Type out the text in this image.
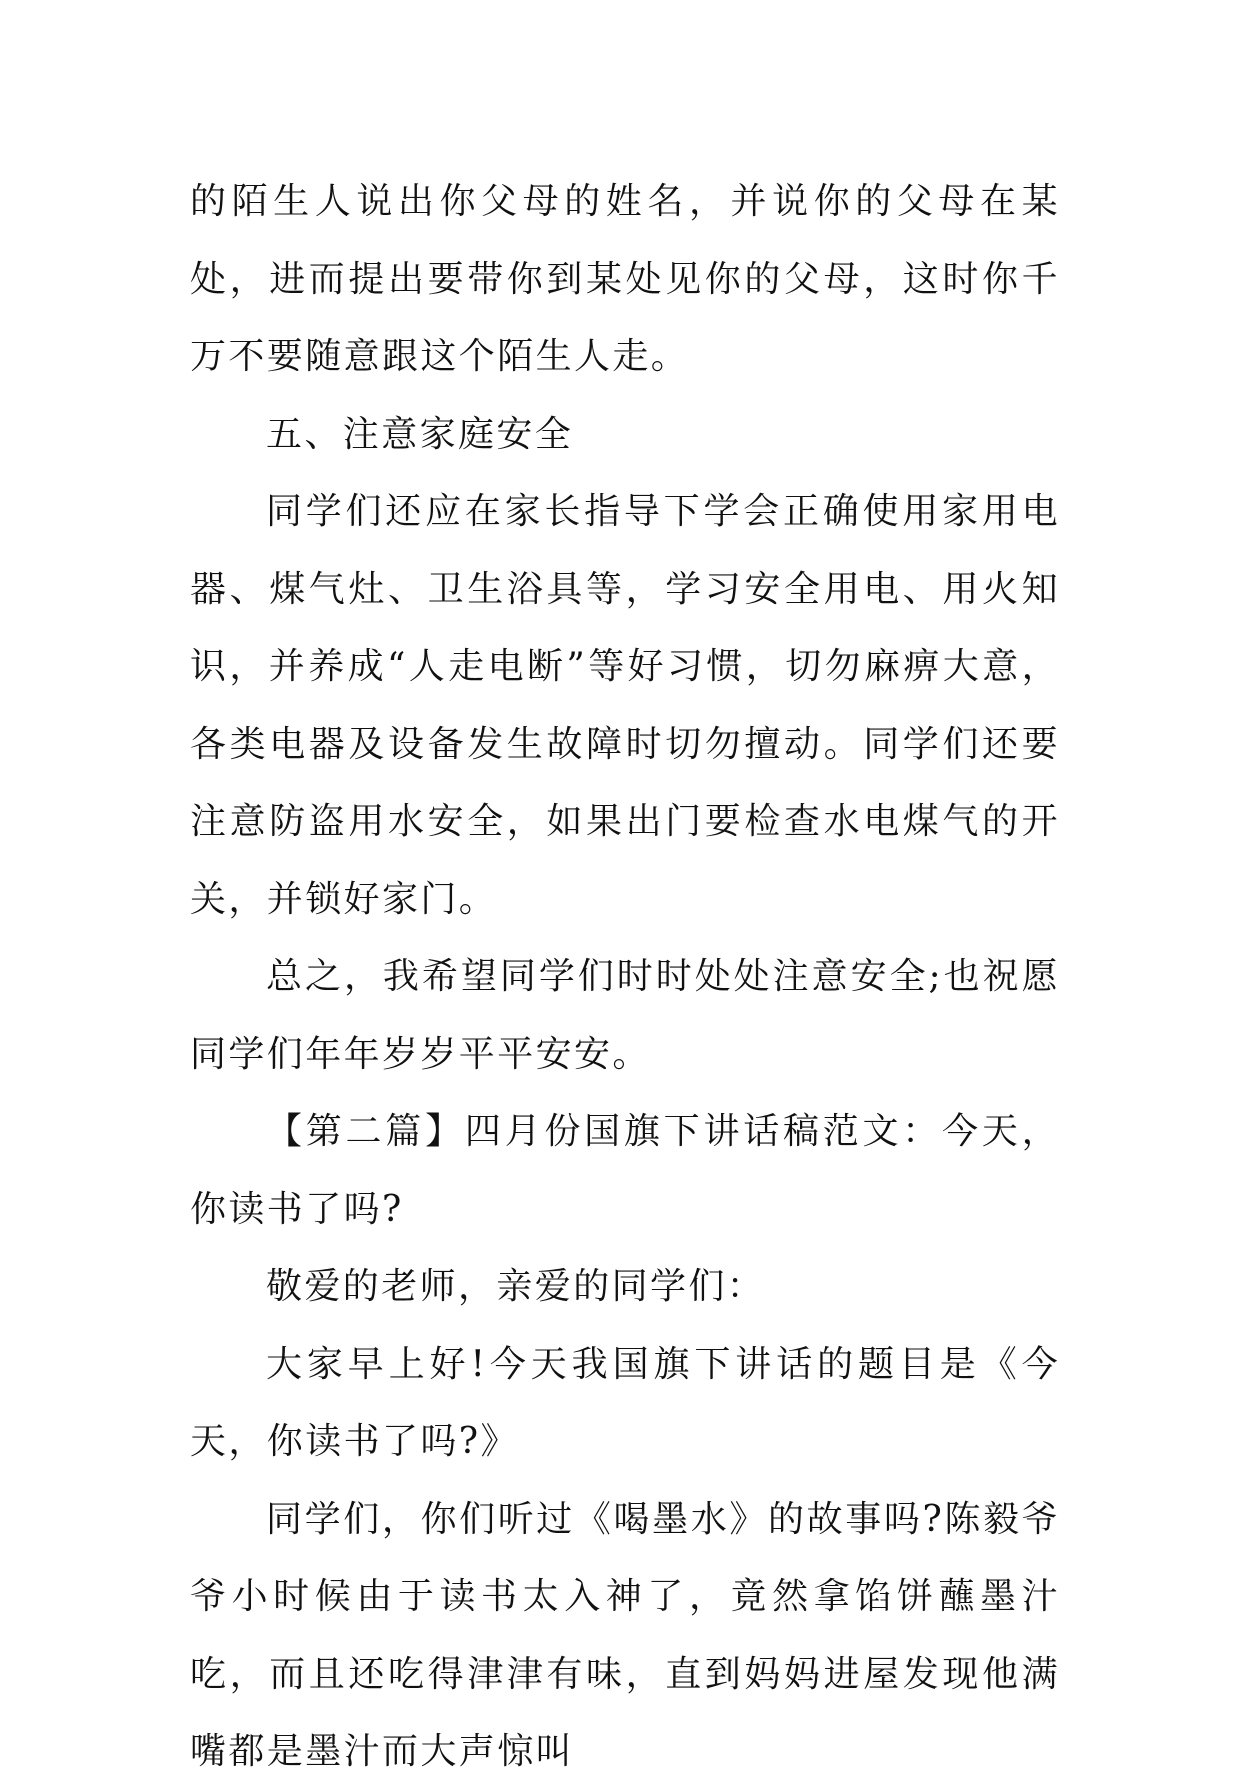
的陌生人说出你父母的姓名，并说你的父母在某处，进而提出要带你到某处见你的父母，这时你千万不要随意跟这个陌生人走。

五、注意家庭安全

同学们还应在家长指导下学会正确使用家用电器、煤气灶、卫生浴具等，学习安全用电、用火知识，并养成“人走电断”等好习惯，切勿麻痹大意，各类电器及设备发生故障时切勿擅动。同学们还要注意防盗用水安全，如果出门要检查水电煤气的开关，并锁好家门。

总之，我希望同学们时时处处注意安全;也祝愿同学们年年岁岁平平安安。

【第二篇】四月份国旗下讲话稿范文：今天，你读书了吗?

敬爱的老师，亲爱的同学们：

大家早上好!今天我国旗下讲话的题目是《今天，你读书了吗?》

同学们，你们听过《喝墨水》的故事吗?陈毅爷爷小时候由于读书太入神了，竟然拿馅饼蘸墨汁吃，而且还吃得津津有味，直到妈妈进屋发现他满嘴都是墨汁而大声惊叫
